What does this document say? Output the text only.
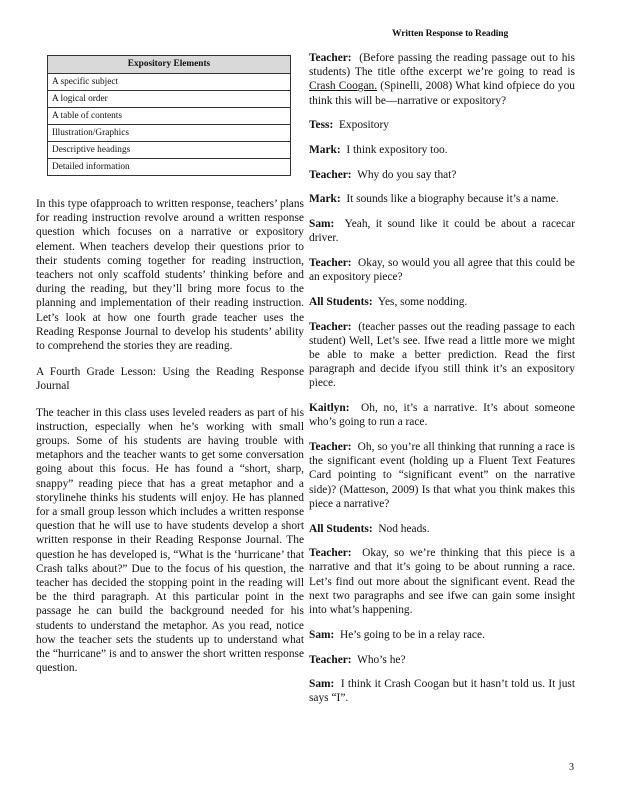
Written Response to Reading
Expository Elements
A specific subject
A logical order
A table of contents
Illustration/Graphics
Descriptive headings
Detailed information

In this type ofapproach to written response, teachers’ plans for reading instruction revolve around a written response question which focuses on a narrative or expository element. When teachers develop their questions prior to their students coming together for reading instruction, teachers not only scaffold students’ thinking before and during the reading, but they’ll bring more focus to the planning and implementation of their reading instruction. Let’s look at how one fourth grade teacher uses the Reading Response Journal to develop his students’ ability to comprehend the stories they are reading.

A Fourth Grade Lesson: Using the Reading Response Journal

The teacher in this class uses leveled readers as part of his instruction, especially when he’s working with small groups. Some of his students are having trouble with metaphors and the teacher wants to get some conversation going about this focus. He has found a “short, sharp, snappy” reading piece that has a great metaphor and a storylinehe thinks his students will enjoy. He has planned for a small group lesson which includes a written response question that he will use to have students develop a short written response in their Reading Response Journal. The question he has developed is, “What is the ‘hurricane’ that Crash talks about?” Due to the focus of his question, the teacher has decided the stopping point in the reading will be the third paragraph. At this particular point in the passage he can build the background needed for his students to understand the metaphor. As you read, notice how the teacher sets the students up to understand what the “hurricane” is and to answer the short written response question.

Teacher: (Before passing the reading passage out to his students) The title ofthe excerpt we’re going to read is Crash Coogan. (Spinelli, 2008) What kind ofpiece do you think this will be—narrative or expository?

Tess: Expository

Mark: I think expository too.

Teacher: Why do you say that?

Mark: It sounds like a biography because it’s a name.

Sam: Yeah, it sound like it could be about a racecar driver.

Teacher: Okay, so would you all agree that this could be an expository piece?

All Students: Yes, some nodding.

Teacher: (teacher passes out the reading passage to each student) Well, Let’s see. Ifwe read a little more we might be able to make a better prediction. Read the first paragraph and decide ifyou still think it’s an expository piece.

Kaitlyn: Oh, no, it’s a narrative. It’s about someone who’s going to run a race.

Teacher: Oh, so you’re all thinking that running a race is the significant event (holding up a Fluent Text Features Card pointing to “significant event” on the narrative side)? (Matteson, 2009) Is that what you think makes this piece a narrative?

All Students: Nod heads.

Teacher: Okay, so we’re thinking that this piece is a narrative and that it’s going to be about running a race. Let’s find out more about the significant event. Read the next two paragraphs and see ifwe can gain some insight into what’s happening.

Sam: He’s going to be in a relay race.

Teacher: Who’s he?

Sam: I think it Crash Coogan but it hasn’t told us. It just says “I”.

3
